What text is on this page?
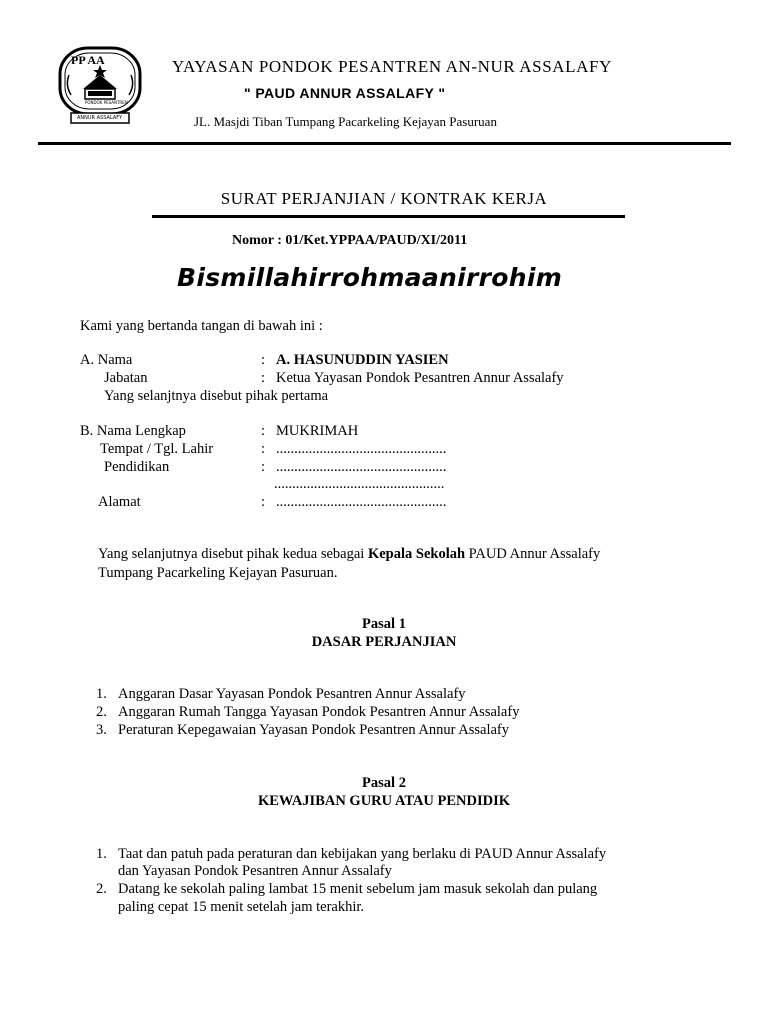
PP AA
PONDOK PESANTREN
ANNUR ASSALAFY
YAYASAN PONDOK PESANTREN AN-NUR ASSALAFY
" PAUD ANNUR ASSALAFY "
JL. Masjdi Tiban Tumpang Pacarkeling Kejayan Pasuruan
SURAT PERJANJIAN / KONTRAK KERJA
Nomor : 01/Ket.YPPAA/PAUD/XI/2011
Bismillahirrohmaanirrohim
Kami yang bertanda tangan di bawah ini :
A. Nama	: A. HASUNUDDIN YASIEN
Jabatan	: Ketua Yayasan Pondok Pesantren Annur Assalafy
Yang selanjtnya disebut pihak pertama
B. Nama Lengkap	: MUKRIMAH
Tempat / Tgl. Lahir	: ...............................................
Pendidikan	: ...............................................
...............................................
Alamat	: ...............................................
Yang selanjutnya disebut pihak kedua sebagai Kepala Sekolah PAUD Annur Assalafy
Tumpang Pacarkeling Kejayan Pasuruan.
Pasal 1
DASAR PERJANJIAN
1. Anggaran Dasar Yayasan Pondok Pesantren Annur Assalafy
2. Anggaran Rumah Tangga Yayasan Pondok Pesantren Annur Assalafy
3. Peraturan Kepegawaian Yayasan Pondok Pesantren Annur Assalafy
Pasal 2
KEWAJIBAN GURU ATAU PENDIDIK
1. Taat dan patuh pada peraturan dan kebijakan yang berlaku di PAUD Annur Assalafy
dan Yayasan Pondok Pesantren Annur Assalafy
2. Datang ke sekolah paling lambat 15 menit sebelum jam masuk sekolah dan pulang
paling cepat 15 menit setelah jam terakhir.
